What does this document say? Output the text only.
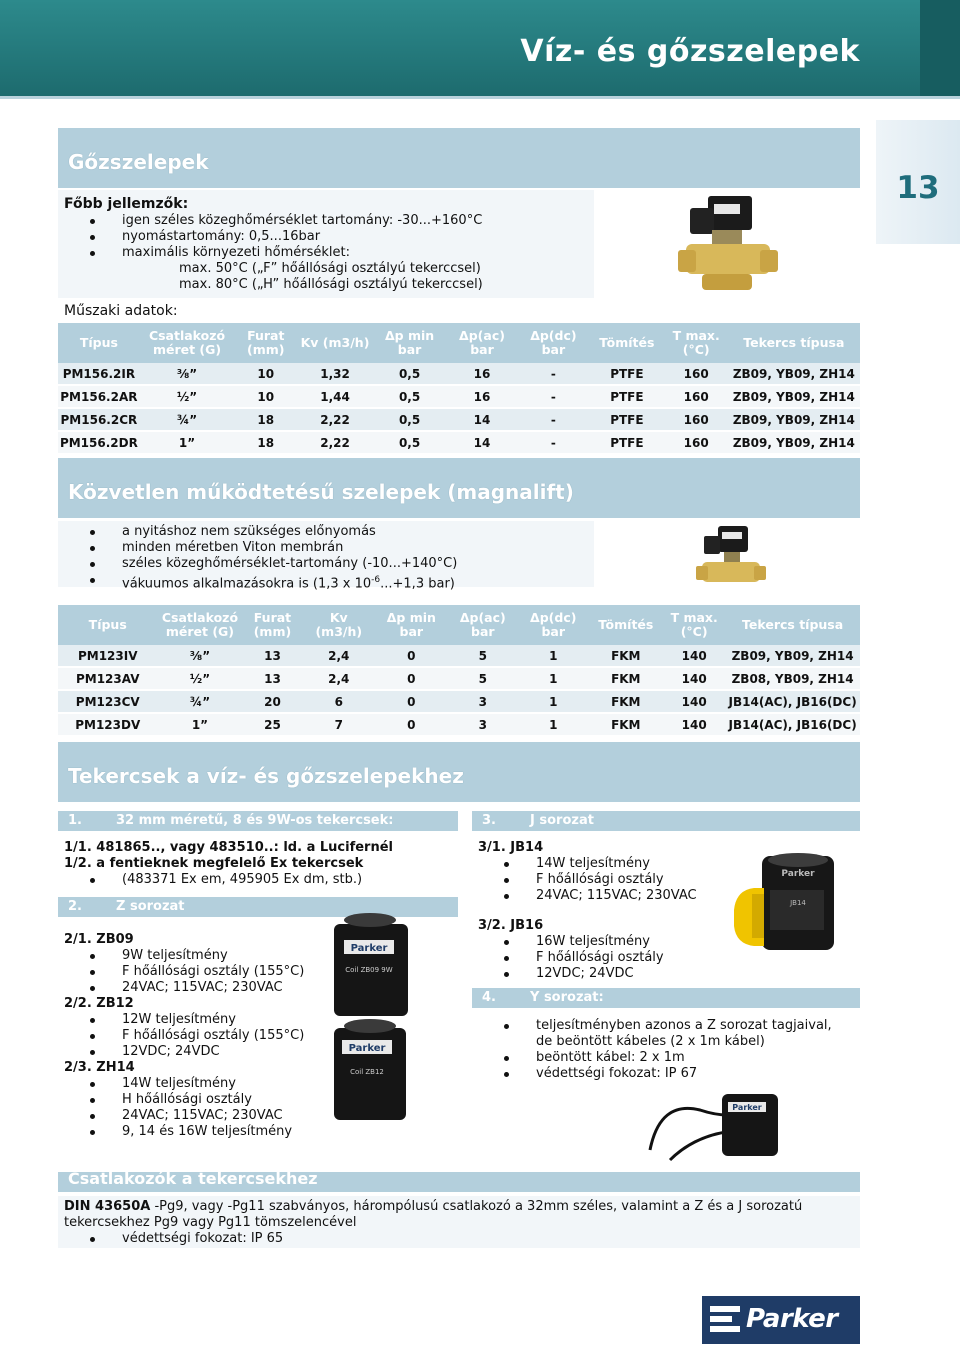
Víz- és gőzszelepek
13
Gőzszelepek
Főbb jellemzők:
igen széles közeghőmérséklet tartomány: -30...+160°C
nyomástartomány: 0,5...16bar
maximális környezeti hőmérséklet:
max. 50°C („F” hőállósági osztályú tekerccsel)
max. 80°C („H” hőállósági osztályú tekerccsel)
Műszaki adatok:
Típus	Csatlakozó méret (G)	Furat (mm)	Kv (m3/h)	Δp min bar	Δp(ac) bar	Δp(dc) bar	Tömítés	T max. (°C)	Tekercs típusa
PM156.2IR	⅜”	10	1,32	0,5	16	-	PTFE	160	ZB09, YB09, ZH14
PM156.2AR	½”	10	1,44	0,5	16	-	PTFE	160	ZB09, YB09, ZH14
PM156.2CR	¾”	18	2,22	0,5	14	-	PTFE	160	ZB09, YB09, ZH14
PM156.2DR	1”	18	2,22	0,5	14	-	PTFE	160	ZB09, YB09, ZH14
Közvetlen működtetésű szelepek (magnalift)
a nyitáshoz nem szükséges előnyomás
minden méretben Viton membrán
széles közeghőmérséklet-tartomány (-10...+140°C)
vákuumos alkalmazásokra is (1,3 x $10^{-6}...+1,3$ bar)
Típus	Csatlakozó méret (G)	Furat (mm)	Kv (m3/h)	Δp min bar	Δp(ac) bar	Δp(dc) bar	Tömítés	T max. (°C)	Tekercs típusa
PM123IV	⅜”	13	2,4	0	5	1	FKM	140	ZB09, YB09, ZH14
PM123AV	½”	13	2,4	0	5	1	FKM	140	ZB08, YB09, ZH14
PM123CV	¾”	20	6	0	3	1	FKM	140	JB14(AC), JB16(DC)
PM123DV	1”	25	7	0	3	1	FKM	140	JB14(AC), JB16(DC)
Tekercsek a víz- és gőzszelepekhez
1.	32 mm méretű, 8 és 9W-os tekercsek:	3.	J sorozat
1/1. 481865.., vagy 483510..: ld. a Lucifernél
1/2. a fentieknek megfelelő Ex tekercsek
(483371 Ex em, 495905 Ex dm, stb.)
2.	Z sorozat
2/1. ZB09
9W teljesítmény
F hőállósági osztály (155°C)
24VAC; 115VAC; 230VAC
2/2. ZB12
12W teljesítmény
F hőállósági osztály (155°C)
12VDC; 24VDC
2/3. ZH14
14W teljesítmény
H hőállósági osztály
24VAC; 115VAC; 230VAC
9, 14 és 16W teljesítmény
Parker
Coil ZB09 9W
Parker
Coil ZB12
3/1. JB14
14W teljesítmény
F hőállósági osztály
24VAC; 115VAC; 230VAC
3/2. JB16
16W teljesítmény
F hőállósági osztály
12VDC; 24VDC
JB14
Parker
4.	Y sorozat:
teljesítményben azonos a Z sorozat tagjaival,
de beöntött kábeles (2 x 1m kábel)
beöntött kábel: 2 x 1m
védettségi fokozat: IP 67
Parker
Csatlakozók a tekercsekhez
DIN 43650A -Pg9, vagy -Pg11 szabványos, hárompólusú csatlakozó a 32mm széles, valamint a Z és a J sorozatú
tekercsekhez Pg9 vagy Pg11 tömszelencével
védettségi fokozat: IP 65
Parker
